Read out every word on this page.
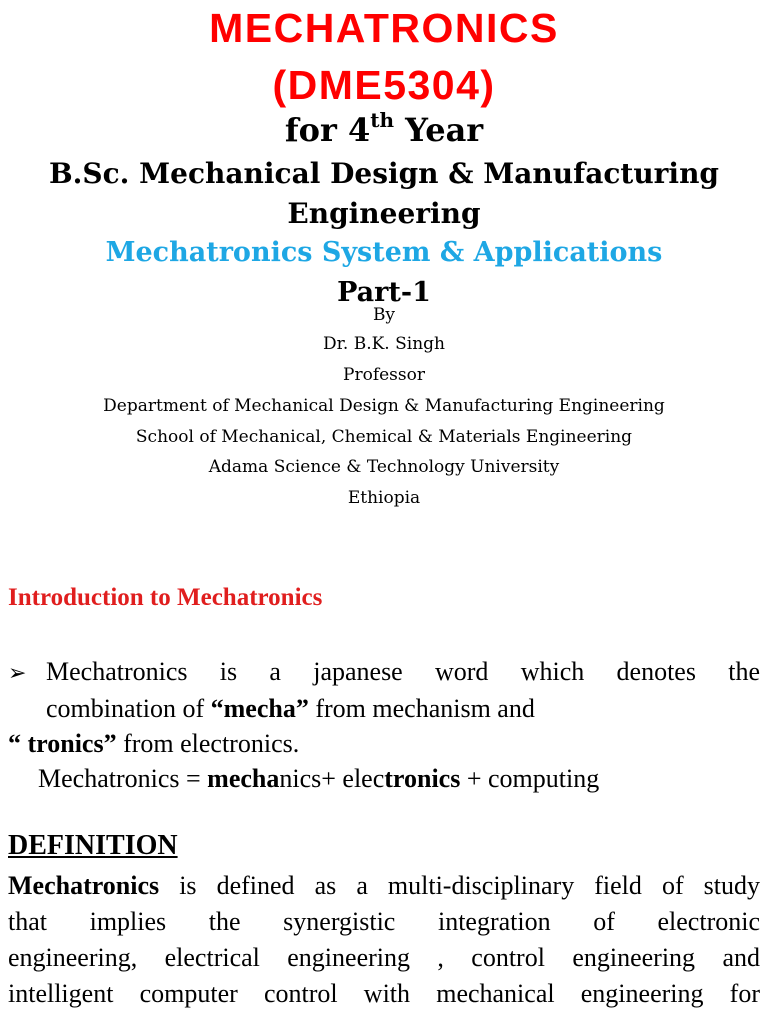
MECHATRONICS
(DME5304)
for 4th Year
B.Sc. Mechanical Design & Manufacturing
Engineering
Mechatronics System & Applications
Part-1
By
Dr. B.K. Singh
Professor
Department of Mechanical Design & Manufacturing Engineering
School of Mechanical, Chemical & Materials Engineering
Adama Science & Technology University
Ethiopia
Introduction to Mechatronics
➢ Mechatronics is a japanese word which denotes the
combination of “mecha” from mechanism and
“ tronics” from electronics.
Mechatronics = mechanics+ electronics + computing
DEFINITION
Mechatronics is defined as a multi-disciplinary field of study
that implies the synergistic integration of electronic
engineering, electrical engineering , control engineering and
intelligent computer control with mechanical engineering for
